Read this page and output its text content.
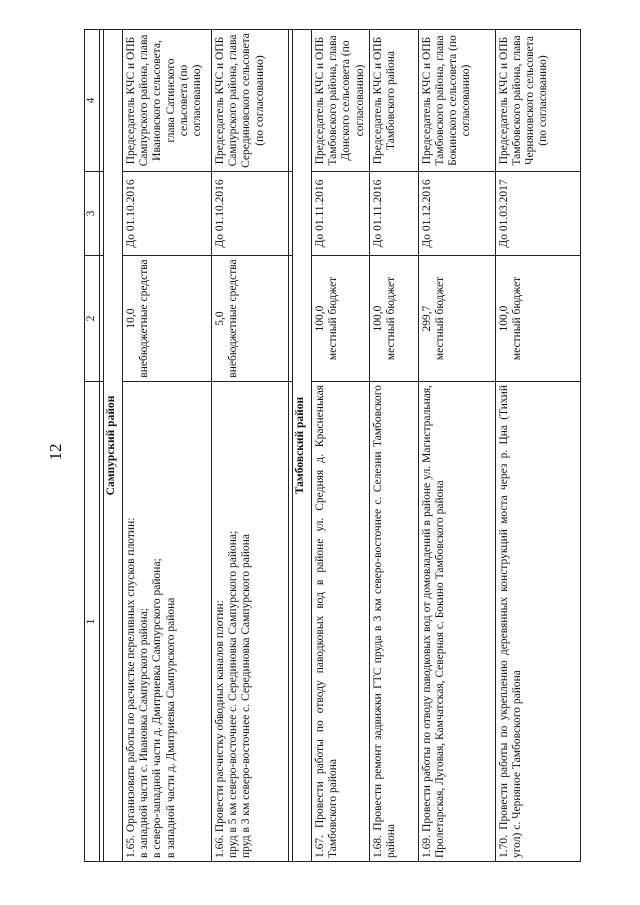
12
1	2	3	4

Сампурский район			

1.65. Организовать работы по расчистке переливных спусков плотин: в западной части с. Ивановка Сампурского района; в северо-западной части д. Дмитриевка Сампурского района; в западной части д. Дмитриевка Сампурского района	10,0 внебюджетные средства	До 01.10.2016	Председатель КЧС и ОПБ Сампурского района, глава Ивановского сельсовета, глава Сатинского сельсовета (по согласованию)

1.66. Провести расчистку обводных каналов плотин: пруд в 5 км северо-восточнее с. Серединовка Сампурского района; пруд в 3 км северо-восточнее с. Серединовка Сампурского района	5,0 внебюджетные средства	До 01.10.2016	Председатель КЧС и ОПБ Сампурского района, глава Серединовского сельсовета (по согласованию)

Тамбовский район			
1.67. Провести работы по отводу паводковых вод в районе ул. Средняя д. Красненькая Тамбовского района	100,0 местный бюджет	До 01.11.2016	Председатель КЧС и ОПБ Тамбовского района, глава Донского сельсовета (по согласованию)
1.68. Провести ремонт задвижки ГТС пруда в 3 км северо-восточнее с. Селезни Тамбовского района	100,0 местный бюджет	До 01.11.2016	Председатель КЧС и ОПБ Тамбовского района
1.69. Провести работы по отводу паводковых вод от домовладений в районе ул. Магистральная, Пролетарская, Луговая, Камчатская, Северная с. Бокино Тамбовского района	299,7 местный бюджет	До 01.12.2016	Председатель КЧС и ОПБ Тамбовского района, глава Бокинского сельсовета (по согласованию)
1.70. Провести работы по укреплению деревянных конструкций моста через р. Цна (Тихий угол) с. Черняное Тамбовского района	100,0 местный бюджет	До 01.03.2017	Председатель КЧС и ОПБ Тамбовского района, глава Черняновского сельсовета (по согласованию)
